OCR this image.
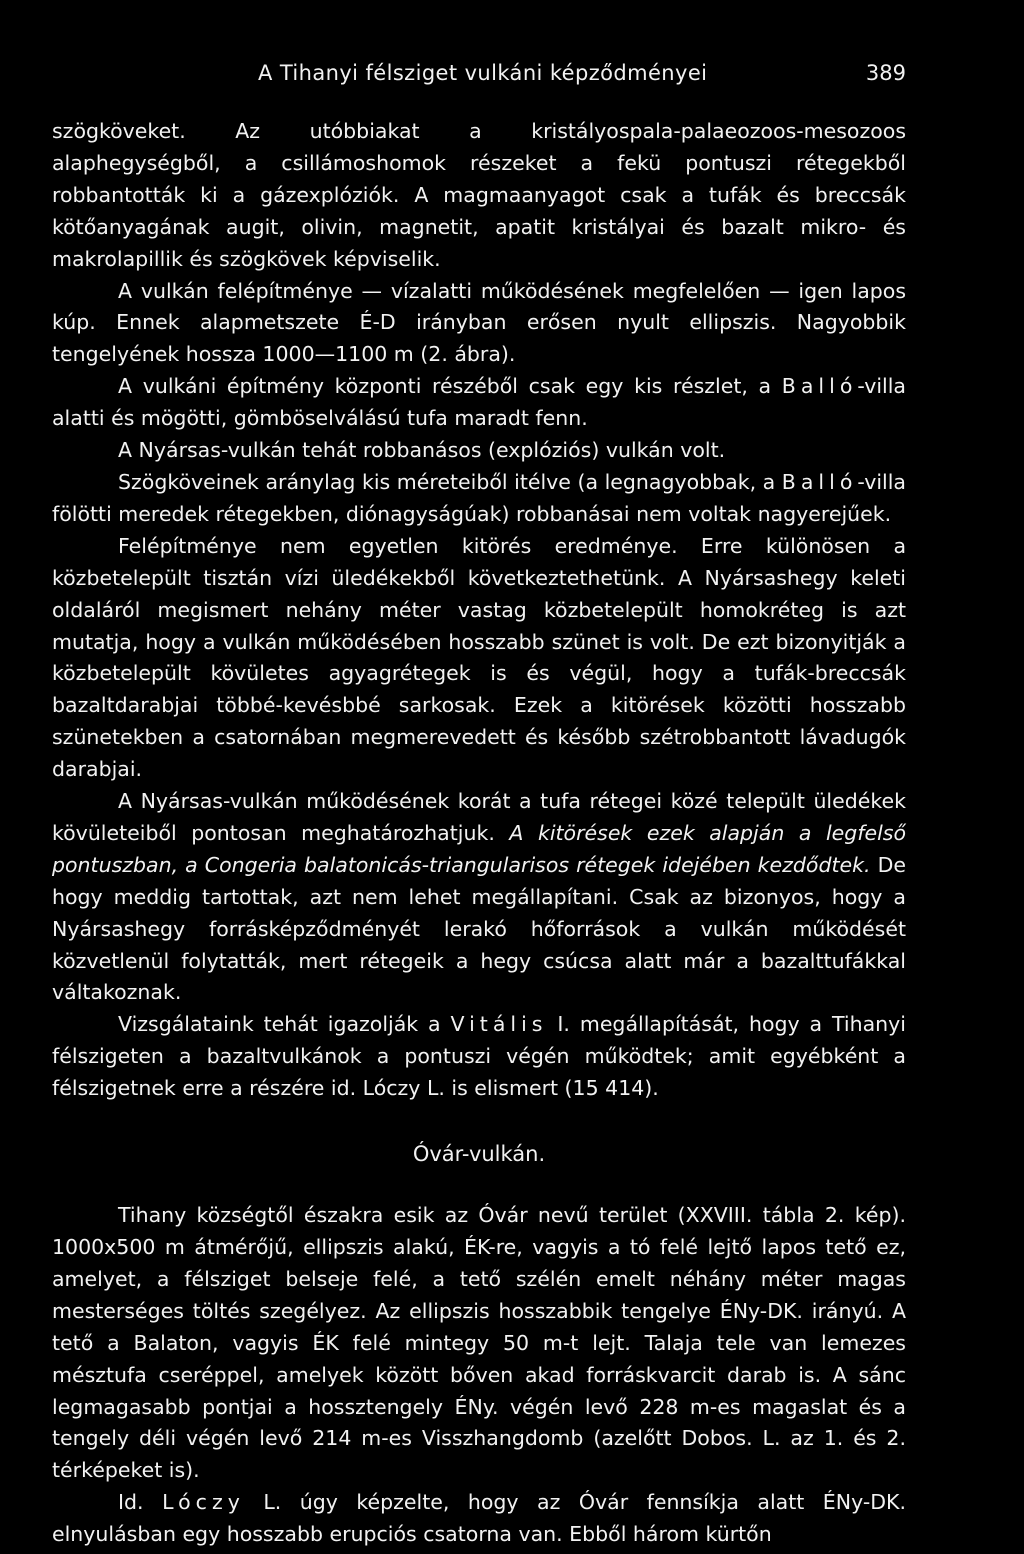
A Tihanyi félsziget vulkáni képződményei	389

szögköveket. Az utóbbiakat a kristályospala-palaeozoos-mesozoos alaphegységből, a csillámoshomok részeket a fekü pontuszi rétegekből robbantották ki a gázexplóziók. A magmaanyagot csak a tufák és breccsák kötőanyagának augit, olivin, magnetit, apatit kristályai és bazalt mikro- és makrolapillik és szögkövek képviselik.

A vulkán felépítménye — vízalatti működésének megfelelően — igen lapos kúp. Ennek alapmetszete É-D irányban erősen nyult ellipszis. Nagyobbik tengelyének hossza 1000—1100 m (2. ábra).

A vulkáni építmény központi részéből csak egy kis részlet, a Balló-villa alatti és mögötti, gömböselválású tufa maradt fenn.

A Nyársas-vulkán tehát robbanásos (explóziós) vulkán volt.

Szögköveinek aránylag kis méreteiből itélve (a legnagyobbak, a Balló-villa fölötti meredek rétegekben, diónagyságúak) robbanásai nem voltak nagyerejűek.

Felépítménye nem egyetlen kitörés eredménye. Erre különösen a közbetelepült tisztán vízi üledékekből következtethetünk. A Nyársashegy keleti oldaláról megismert nehány méter vastag közbetelepült homokréteg is azt mutatja, hogy a vulkán működésében hosszabb szünet is volt. De ezt bizonyitják a közbetelepült kövületes agyagrétegek is és végül, hogy a tufák-breccsák bazaltdarabjai többé-kevésbbé sarkosak. Ezek a kitörések közötti hosszabb szünetekben a csatornában megmerevedett és később szétrobbantott lávadugók darabjai.

A Nyársas-vulkán működésének korát a tufa rétegei közé települt üledékek kövületeiből pontosan meghatározhatjuk. A kitörések ezek alapján a legfelső pontuszban, a Congeria balatonicás-triangularisos rétegek idejében kezdődtek. De hogy meddig tartottak, azt nem lehet megállapítani. Csak az bizonyos, hogy a Nyársashegy forrásképződményét lerakó hőforrások a vulkán működését közvetlenül folytatták, mert rétegeik a hegy csúcsa alatt már a bazalttufákkal váltakoznak.

Vizsgálataink tehát igazolják a Vitális I. megállapítását, hogy a Tihanyi félszigeten a bazaltvulkánok a pontuszi végén működtek; amit egyébként a félszigetnek erre a részére id. Lóczy L. is elismert (15 414).

Óvár-vulkán.

Tihany községtől északra esik az Óvár nevű terület (XXVIII. tábla 2. kép). 1000x500 m átmérőjű, ellipszis alakú, ÉK-re, vagyis a tó felé lejtő lapos tető ez, amelyet, a félsziget belseje felé, a tető szélén emelt néhány méter magas mesterséges töltés szegélyez. Az ellipszis hosszabbik tengelye ÉNy-DK. irányú. A tető a Balaton, vagyis ÉK felé mintegy 50 m-t lejt. Talaja tele van lemezes mésztufa cseréppel, amelyek között bőven akad forráskvarcit darab is. A sánc legmagasabb pontjai a hossztengely ÉNy. végén levő 228 m-es magaslat és a tengely déli végén levő 214 m-es Visszhangdomb (azelőtt Dobos. L. az 1. és 2. térképeket is).

Id. Lóczy L. úgy képzelte, hogy az Óvár fennsíkja alatt ÉNy-DK. elnyulásban egy hosszabb erupciós csatorna van. Ebből három kürtőn
